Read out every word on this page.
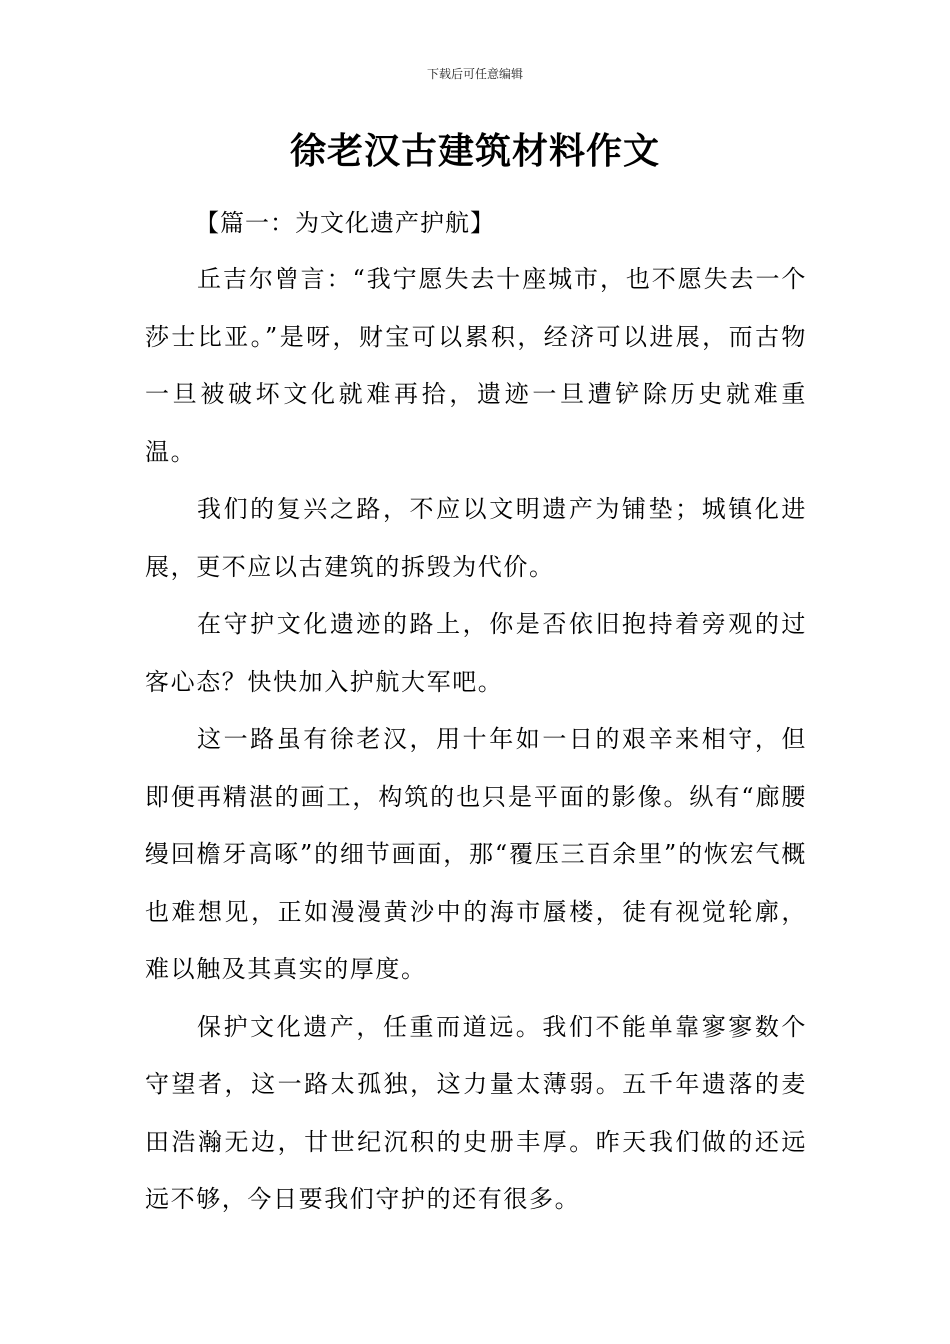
下载后可任意编辑
徐老汉古建筑材料作文

【篇一：为文化遗产护航】

丘吉尔曾言：“我宁愿失去十座城市，也不愿失去一个莎士比亚。”是呀，财宝可以累积，经济可以进展，而古物一旦被破坏文化就难再拾，遗迹一旦遭铲除历史就难重温。

我们的复兴之路，不应以文明遗产为铺垫；城镇化进展，更不应以古建筑的拆毁为代价。

在守护文化遗迹的路上，你是否依旧抱持着旁观的过客心态？快快加入护航大军吧。

这一路虽有徐老汉，用十年如一日的艰辛来相守，但即便再精湛的画工，构筑的也只是平面的影像。纵有“廊腰缦回檐牙高啄”的细节画面，那“覆压三百余里”的恢宏气概也难想见，正如漫漫黄沙中的海市蜃楼，徒有视觉轮廓，难以触及其真实的厚度。

保护文化遗产，任重而道远。我们不能单靠寥寥数个守望者，这一路太孤独，这力量太薄弱。五千年遗落的麦田浩瀚无边，廿世纪沉积的史册丰厚。昨天我们做的还远远不够，今日要我们守护的还有很多。
